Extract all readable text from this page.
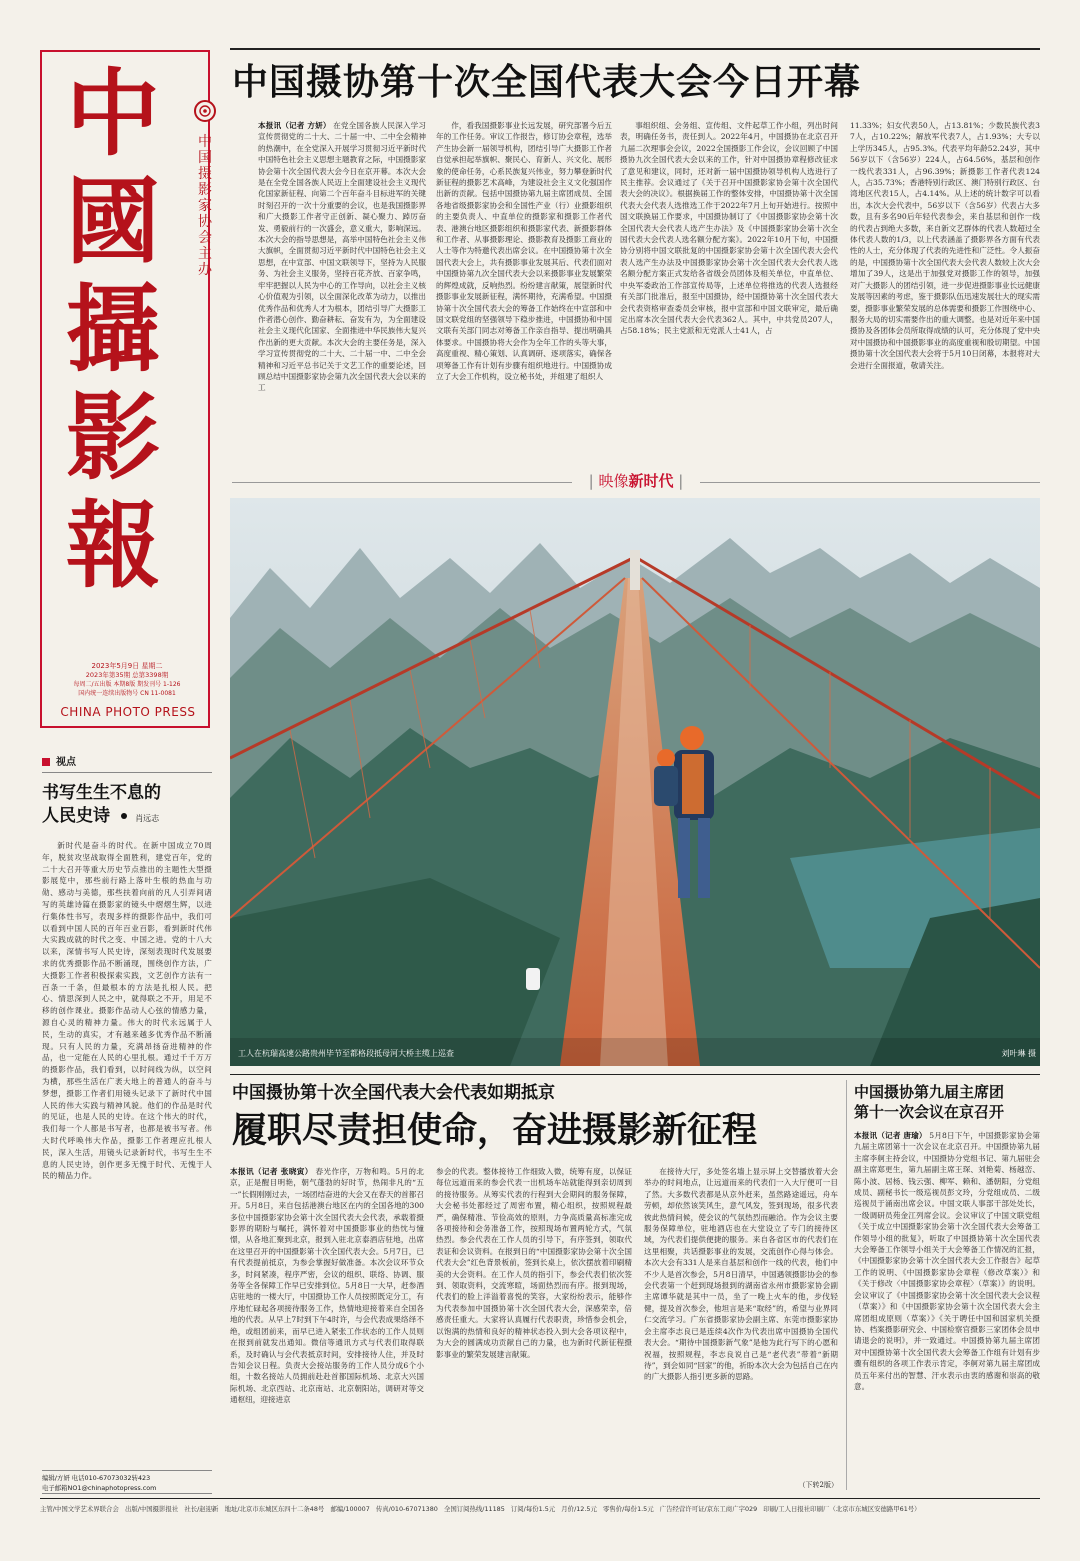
中
國
攝
影
報
中国摄影家协会主办
2023年5月9日 星期二
2023年第35期 总第3398期
每周二/五出版 本期8版 期发刊号 1-126
国内统一连续出版物号 CN 11-0081
CHINA PHOTO PRESS
中国摄协第十次全国代表大会今日开幕
本报讯（记者 方妍） 在党全国各族人民深入学习宣传贯彻党的二十大、二十届一中、二中全会精神的热潮中，在全党深入开展学习贯彻习近平新时代中国特色社会主义思想主题教育之际，中国摄影家协会第十次全国代表大会今日在京开幕。本次大会是在全党全国各族人民迈上全面建设社会主义现代化国家新征程、向第二个百年奋斗目标进军的关键时刻召开的一次十分重要的会议，也是我国摄影界和广大摄影工作者守正创新、凝心聚力、踔厉奋发、勇毅前行的一次盛会，意义重大，影响深远。本次大会的指导思想是，高举中国特色社会主义伟大旗帜，全面贯彻习近平新时代中国特色社会主义思想，在中宣部、中国文联领导下，坚持为人民服务、为社会主义服务，坚持百花齐放、百家争鸣，牢牢把握以人民为中心的工作导向，以社会主义核心价值观为引领，以全面深化改革为动力，以推出优秀作品和优秀人才为根本，团结引导广大摄影工作者潜心创作、勤奋耕耘、奋发有为，为全面建设社会主义现代化国家、全面推进中华民族伟大复兴作出新的更大贡献。本次大会的主要任务是，深入学习宣传贯彻党的二十大、二十届一中、二中全会精神和习近平总书记关于文艺工作的重要论述，回顾总结中国摄影家协会第九次全国代表大会以来的工
作，看我国摄影事业长远发展，研究部署今后五年的工作任务。审议工作报告，修订协会章程，选举产生协会新一届领导机构，团结引导广大摄影工作者自觉承担起举旗帜、聚民心、育新人、兴文化、展形象的使命任务，心系民族复兴伟业，努力攀登新时代新征程的摄影艺术高峰，为建设社会主义文化强国作出新的贡献。包括中国摄协第九届主席团成员、全国各地省级摄影家协会和全国性产业（行）业摄影组织的主要负责人、中直单位的摄影家和摄影工作者代表、港澳台地区摄影组织和摄影家代表、新摄影群体和工作者、从事摄影理论、摄影教育及摄影工商业的人士等作为特邀代表出席会议。在中国摄协第十次全国代表大会上，共有摄影事业发展其后、代表们面对中国摄协第九次全国代表大会以来摄影事业发展繁荣的辉煌成就，反响热烈。纷纷建言献策，展望新时代摄影事业发展新征程，满怀期待，充满希望。中国摄协第十次全国代表大会的筹备工作始终在中宣部和中国文联党组的坚强领导下稳步推进，中国摄协和中国文联有关部门同志对筹备工作亲自指导、提出明确具体要求。中国摄协将大会作为全年工作的头等大事，高度重视、精心策划、认真调研、逐项落实，确保各项筹备工作有计划有步骤有组织地进行。中国摄协成立了大会工作机构，设立秘书处，并组建了组织人
事组织组、会务组、宣传组、文件起草工作小组，列出时间表，明确任务书，责任到人。2022年4月，中国摄协在北京召开九届二次理事会会议，2022全国摄影工作会议，会议回顾了中国摄协九次全国代表大会以来的工作，针对中国摄协章程修改征求了意见和建议，同时，还对新一届中国摄协领导机构人选进行了民主推荐。会议通过了《关于召开中国摄影家协会第十次全国代表大会的决议》。根据换届工作的整体安排，中国摄协第十次全国代表大会代表人选推选工作于2022年7月上旬开始进行。按照中国文联换届工作要求，中国摄协制订了《中国摄影家协会第十次全国代表大会代表人选产生办法》及《中国摄影家协会第十次全国代表大会代表人选名额分配方案》。2022年10月下旬，中国摄协分别将中国文联批复的中国摄影家协会第十次全国代表大会代表人选产生办法及中国摄影家协会第十次全国代表大会代表人选名额分配方案正式发给各省级会员团体及相关单位，中直单位、中央军委政治工作部宣传局等，上述单位将推选的代表人选报经有关部门批准后，报至中国摄协，经中国摄协第十次全国代表大会代表资格审查委员会审核，报中宣部和中国文联审定，最后确定出席本次全国代表大会代表362人。其中，中共党员207人，占58.18%；民主党派和无党派人士41人，占
11.33%；妇女代表50人，占13.81%；少数民族代表37人，占10.22%；解放军代表7人，占1.93%；大专以上学历345人，占95.3%。代表平均年龄52.24岁，其中56岁以下（含56岁）224人，占64.56%，基层和创作一线代表331人，占96.39%；新摄影工作者代表124人，占35.73%；香港特别行政区、澳门特别行政区、台湾地区代表15人，占4.14%。从上述的统计数字可以看出，本次大会代表中，56岁以下（含56岁）代表占大多数，且有多名90后年轻代表参会，来自基层和创作一线的代表占到绝大多数，来自新文艺群体的代表人数超过全体代表人数的1/3，以上代表涵盖了摄影界各方面有代表性的人士，充分体现了代表的先进性和广泛性。令人振奋的是，中国摄协第十次全国代表大会代表人数较上次大会增加了39人，这是出于加强党对摄影工作的领导，加强对广大摄影人的团结引领，进一步促进摄影事业长远健康发展等因素的考虑，鉴于摄影队伍迅速发展壮大的现实需要，摄影事业繁荣发展的总体需要和摄影工作围绕中心、服务大局的切实需要作出的重大调整。也是对近年来中国摄协及各团体会员所取得成绩的认可，充分体现了党中央对中国摄协和中国摄影事业的高度重视和殷切期望。中国摄协第十次全国代表大会将于5月10日闭幕，本报将对大会进行全面报道，敬请关注。
| 映像新时代 |
工人在杭瑞高速公路贵州毕节至都格段抵母河大桥主缆上巡查	刘叶琳 摄
视点
书写生生不息的
人民史诗	肖远志
新时代是奋斗的时代。在新中国成立70周年，脱贫攻坚战取得全面胜利，建党百年，党的二十大召开等重大历史节点推出的主题性大型摄影展览中，那些前行路上落叶生根的热血与功勋、感动与美德，那些扶着向前的凡人引弄间诸写的英雄诗篇在摄影家的镜头中熠熠生辉，以进行集体性书写，表现多样的摄影作品中，我们可以看到中国人民的百年百业百影，看到新时代伟大实践成就的时代之变、中国之进。党的十八大以来，深情书写人民史诗，深刻表现时代发展要求的优秀摄影作品不断涌现，围绕创作方法，广大摄影工作者积极探索实践，文艺创作方法有一百条一千条，但最根本的方法是扎根人民。把心、情思深到人民之中，就得联之不开，用足不移的创作课业。摄影作品动人心弦的情感力量，源自心灵的精神力量。伟大的时代永远属于人民，生动的真实，才有越来越多优秀作品不断涌现。只有人民的力量，充满昂扬奋进精神的作品，也一定能在人民的心里扎根。通过千千万万的摄影作品，我们看到，以时间线为纵，以空间为横，那些生活在广袤大地上的普通人的奋斗与梦想，摄影工作者们用镜头记录下了新时代中国人民的伟大实践与精神风貌。他们的作品是时代的见证，也是人民的史诗。在这个伟大的时代，我们每一个人都是书写者，也都是被书写者。伟大时代呼唤伟大作品，摄影工作者理应扎根人民，深入生活，用镜头记录新时代，书写生生不息的人民史诗，创作更多无愧于时代、无愧于人民的精品力作。
编辑/方妍 电话010-67073032转423
电子邮箱NO1@chinaphotopress.com
中国摄协第十次全国代表大会代表如期抵京
履职尽责担使命，奋进摄影新征程
本报讯（记者 张晓寅） 春光作序，万物和鸣。5月的北京，正是醒目明艳，朝气蓬勃的好时节，热闹非凡的“五一”长假刚刚过去，一场团结奋进的大会又在春天的首都召开。5月8日，来自包括港澳台地区在内的全国各地的300多位中国摄影家协会第十次全国代表大会代表，承载着摄影界的期盼与嘱托，满怀着对中国摄影事业的热忱与憧憬，从各地汇聚到北京，报到入驻北京泰酒店驻地，出席在这里召开的中国摄影第十次全国代表大会。5月7日，已有代表提前抵京，为参会掌握好做准备。本次会议环节众多，时间紧凑，程序严密，会议的组织、联络、协调、服务等全各保障工作早已安排到位。5月8日一大早，赶参酒店驻地的一楼大厅，中国摄协工作人员按照既定分工，有序地忙碌起各项接待服务工作，热情地迎接着来自全国各地的代表。从早上7时到下午4时许，与会代表成果络绎不绝，或组团前来，而早已进入紧张工作状态的工作人员则在报到前就发出通知。微信等通讯方式与代表们取得联系，及时确认与会代表抵京时间，安排接待人住，并及时告知会议日程。负责大会接站服务的工作人员分成6个小组，十数名接站人员拥前赴赴首都国际机场、北京大兴国际机场、北京西站、北京南站、北京朝阳站，调研对等交通枢纽，迎接进京
参会的代表。整体接待工作细致入微，统筹有度，以保证每位远道而来的参会代表一出机场车站就能得到亲切周到的接待服务。从筹实代表的行程到大会期间的服务保障，大会秘书处都经过了周密布置，精心组织，按照规程最严，确保精准、节俭高效的原则，力争高质量高标准完成各项接待和会务准备工作，按照现场布置两轮方式，气氛热烈。参会代表在工作人员的引导下，有序签到，领取代表证和会议资料。在报到日的“中国摄影家协会第十次全国代表大会”红色背景板前，签到长桌上，依次摆放着印刷精美的大会资料。在工作人员的指引下，参会代表们依次签到、领取资料，交流寒暄，场面热烈而有序。报到现场，代表们的脸上洋溢着喜悦的笑容，大家纷纷表示，能够作为代表参加中国摄协第十次全国代表大会，深感荣幸，倍感责任重大。大家将认真履行代表职责，珍惜参会机会，以饱满的热情和良好的精神状态投入到大会各项议程中，为大会的圆满成功贡献自己的力量，也为新时代新征程摄影事业的繁荣发展建言献策。
在接待大厅，多处签名墙上显示屏上交替播放着大会举办的时间地点，让远道而来的代表们一入大厅便可一目了然。大多数代表都是从京外赶来，虽然路途遥远，舟车劳顿，却依然该笑风生，意气风发，签到现场，很多代表彼此热情问候，使会议的气氛热烈而融洽。作为会议主要服务保障单位，驻地酒店也在大堂设立了专门的接待区域，为代表们提供便捷的服务。来自各省区市的代表们在这里相聚，共话摄影事业的发展，交流创作心得与体会。本次大会有331人是来自基层和创作一线的代表，他们中不少人是首次参会，5月8日清早，中国遇领摄影协会的参会代表第一个赶到现场报到的湖南省永州市摄影家协会副主席谭华就是其中一员，坐了一晚上火车的他，步伐轻健，提及首次参会，他坦言是来“取经”的，希望与业界同仁交流学习。广东省摄影家协会副主席、东莞市摄影家协会主席李志良已是连续4次作为代表出席中国摄协全国代表大会。“期待中国摄影新气象”是他为此行写下的心愿和祝福，按照规程，李志良说自己是“老代表”带着“新期待”，到会如同“回家”的他，祈盼本次大会为包括自己在内的广大摄影人指引更多新的思路。
（下转2版）
中国摄协第九届主席团
第十一次会议在京召开
本报讯（记者 唐瑜） 5月8日下午，中国摄影家协会第九届主席团第十一次会议在北京召开。中国摄协第九届主席李舸主持会议，中国摄协分党组书记、第九届驻会副主席郑更生，第九届副主席王琛、刘艳菊、杨越峦、陈小波、居杨、钱云强、柳军、赖和、潘朝阳，分党组成员、副秘书长一级巡视员彭文玲，分党组成员、二级巡视员于涌南出席会议。中国文联人事部干部处处长，一级调研员苑金江列席会议。会议审议了中国文联党组《关于成立中国摄影家协会第十次全国代表大会筹备工作领导小组的批复》，听取了中国摄协第十次全国代表大会筹备工作领导小组关于大会筹备工作情况的汇报，《中国摄影家协会第十次全国代表大会工作报告》起草工作的说明、《中国摄影家协会章程（修改草案）》和《关于修改〈中国摄影家协会章程〉（草案）》的说明。会议审议了《中国摄影家协会第十次全国代表大会议程（草案）》和《中国摄影家协会第十次全国代表大会主席团组成原则（草案）》《关于聘任中国和国家机关摄协、档案摄影研究会、中国检察官摄影三家团体会员申请退会的说明》，并一致通过。中国摄协第九届主席团对中国摄协第十次全国代表大会筹备工作组有计划有步骤有组织的各项工作表示肯定，李舸对第九届主席团成员五年来付出的智慧、汗水表示由衷的感谢和崇高的敬意。
主管/中国文学艺术界联合会 出版/中国摄影报社 社长/赵迎新 地址/北京市东城区东四十二条48号 邮编/100007 传真/010-67071380 全国订阅热线/11185 订阅/每份1.5元 月价/12.5元 零售价/每份1.5元 广告经营许可证/京东工商广字029 印刷/工人日报社印刷厂（北京市东城区安德路甲61号）
